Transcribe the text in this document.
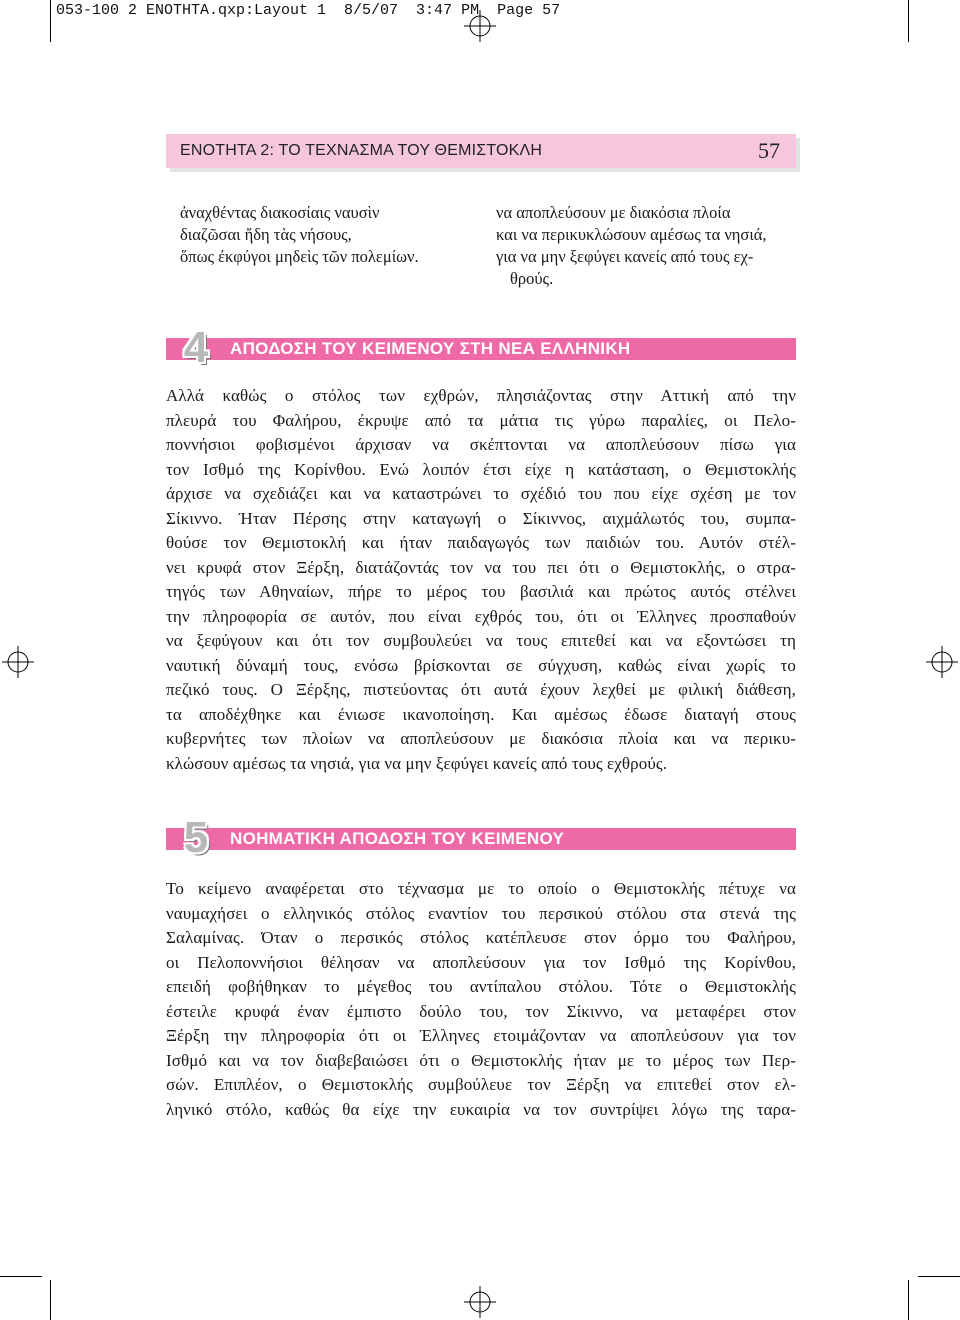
053-100 2 ΕΝΟΤΗΤΑ.qxp:Layout 1  8/5/07  3:47 PM  Page 57
ΕΝΟΤΗΤΑ 2: ΤΟ ΤΕΧΝΑΣΜΑ ΤΟΥ ΘΕΜΙΣΤΟΚΛΗ	57
ἀναχθέντας διακοσίαις ναυσὶν
διαζῶσαι ἤδη τὰς νήσους,
ὅπως ἐκφύγοι μηδεὶς τῶν πολεμίων.
να αποπλεύσουν με διακόσια πλοία
και να περικυκλώσουν αμέσως τα νησιά,
για να μην ξεφύγει κανείς από τους εχ-
θρούς.
4	ΑΠΟΔΟΣΗ ΤΟΥ ΚΕΙΜΕΝΟΥ ΣΤΗ ΝΕΑ ΕΛΛΗΝΙΚΗ
Αλλά καθώς ο στόλος των εχθρών, πλησιάζοντας στην Αττική από την
πλευρά του Φαλήρου, έκρυψε από τα μάτια τις γύρω παραλίες, οι Πελο-
ποννήσιοι φοβισμένοι άρχισαν να σκέπτονται να αποπλεύσουν πίσω για
τον Ισθμό της Κορίνθου. Ενώ λοιπόν έτσι είχε η κατάσταση, ο Θεμιστοκλής
άρχισε να σχεδιάζει και να καταστρώνει το σχέδιό του που είχε σχέση με τον
Σίκιννο. Ήταν Πέρσης στην καταγωγή ο Σίκιννος, αιχμάλωτός του, συμπα-
θούσε τον Θεμιστοκλή και ήταν παιδαγωγός των παιδιών του. Αυτόν στέλ-
νει κρυφά στον Ξέρξη, διατάζοντάς τον να του πει ότι ο Θεμιστοκλής, ο στρα-
τηγός των Αθηναίων, πήρε το μέρος του βασιλιά και πρώτος αυτός στέλνει
την πληροφορία σε αυτόν, που είναι εχθρός του, ότι οι Έλληνες προσπαθούν
να ξεφύγουν και ότι τον συμβουλεύει να τους επιτεθεί και να εξοντώσει τη
ναυτική δύναμή τους, ενόσω βρίσκονται σε σύγχυση, καθώς είναι χωρίς το
πεζικό τους. Ο Ξέρξης, πιστεύοντας ότι αυτά έχουν λεχθεί με φιλική διάθεση,
τα αποδέχθηκε και ένιωσε ικανοποίηση. Και αμέσως έδωσε διαταγή στους
κυβερνήτες των πλοίων να αποπλεύσουν με διακόσια πλοία και να περικυ-
κλώσουν αμέσως τα νησιά, για να μην ξεφύγει κανείς από τους εχθρούς.
5	ΝΟΗΜΑΤΙΚΗ ΑΠΟΔΟΣΗ ΤΟΥ ΚΕΙΜΕΝΟΥ
Το κείμενο αναφέρεται στο τέχνασμα με το οποίο ο Θεμιστοκλής πέτυχε να
ναυμαχήσει ο ελληνικός στόλος εναντίον του περσικού στόλου στα στενά της
Σαλαμίνας. Όταν ο περσικός στόλος κατέπλευσε στον όρμο του Φαλήρου,
οι Πελοποννήσιοι θέλησαν να αποπλεύσουν για τον Ισθμό της Κορίνθου,
επειδή φοβήθηκαν το μέγεθος του αντίπαλου στόλου. Τότε ο Θεμιστοκλής
έστειλε κρυφά έναν έμπιστο δούλο του, τον Σίκιννο, να μεταφέρει στον
Ξέρξη την πληροφορία ότι οι Έλληνες ετοιμάζονταν να αποπλεύσουν για τον
Ισθμό και να τον διαβεβαιώσει ότι ο Θεμιστοκλής ήταν με το μέρος των Περ-
σών. Επιπλέον, ο Θεμιστοκλής συμβούλευε τον Ξέρξη να επιτεθεί στον ελ-
ληνικό στόλο, καθώς θα είχε την ευκαιρία να τον συντρίψει λόγω της ταρα-
